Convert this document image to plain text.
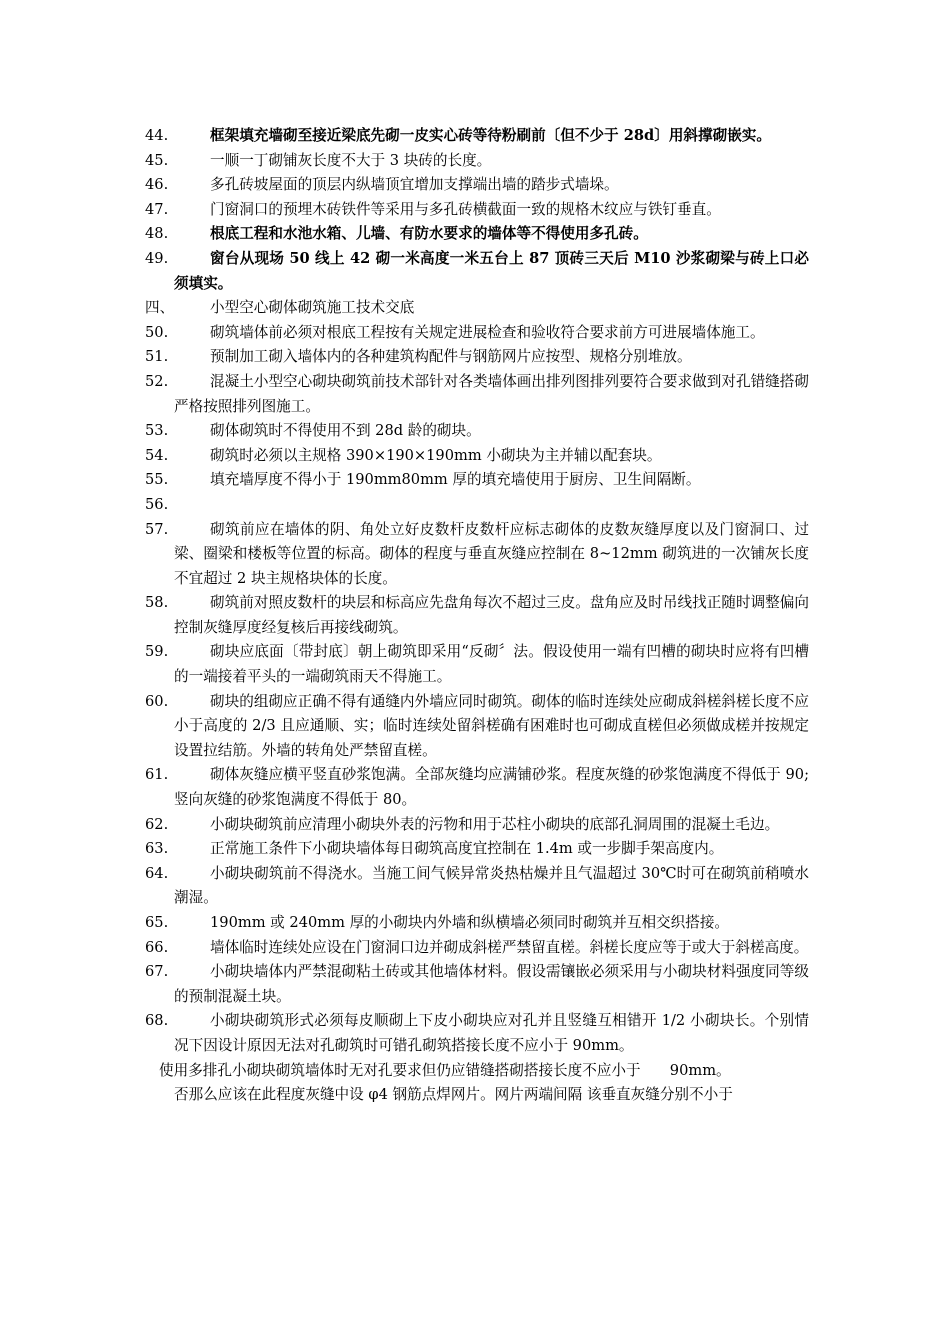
44.	框架填充墙砌至接近梁底先砌一皮实心砖等待粉刷前〔但不少于 28d〕用斜撑砌嵌实。
45.	一顺一丁砌铺灰长度不大于 3 块砖的长度。
46.	多孔砖坡屋面的顶层内纵墙顶宜增加支撑端出墙的踏步式墙垛。
47.	门窗洞口的预埋木砖铁件等采用与多孔砖横截面一致的规格木纹应与铁钉垂直。
48.	根底工程和水池水箱、儿墙、有防水要求的墙体等不得使用多孔砖。
49.	窗台从现场 50 线上 42 砌一米高度一米五台上 87 顶砖三天后 M10 沙浆砌梁与砖上口必须填实。
四、	小型空心砌体砌筑施工技术交底
50.	砌筑墙体前必须对根底工程按有关规定进展检查和验收符合要求前方可进展墙体施工。
51.	预制加工砌入墙体内的各种建筑构配件与钢筋网片应按型、规格分别堆放。
52.	混凝土小型空心砌块砌筑前技术部针对各类墙体画出排列图排列要符合要求做到对孔错缝搭砌严格按照排列图施工。
53.	砌体砌筑时不得使用不到 28d 龄的砌块。
54.	砌筑时必须以主规格 390×190×190mm 小砌块为主并辅以配套块。
55.	填充墙厚度不得小于 190mm80mm 厚的填充墙使用于厨房、卫生间隔断。
56.

57.	砌筑前应在墙体的阴、角处立好皮数杆皮数杆应标志砌体的皮数灰缝厚度以及门窗洞口、过梁、圈梁和楼板等位置的标高。砌体的程度与垂直灰缝应控制在 8~12mm 砌筑进的一次铺灰长度不宜超过 2 块主规格块体的长度。
58.	砌筑前对照皮数杆的块层和标高应先盘角每次不超过三皮。盘角应及时吊线找正随时调整偏向控制灰缝厚度经复核后再接线砌筑。
59.	砌块应底面〔带封底〕朝上砌筑即采用“反砌〞法。假设使用一端有凹槽的砌块时应将有凹槽的一端接着平头的一端砌筑雨天不得施工。
60.	砌块的组砌应正确不得有通缝内外墙应同时砌筑。砌体的临时连续处应砌成斜槎斜槎长度不应小于高度的 2/3 且应通顺、实；临时连续处留斜槎确有困难时也可砌成直槎但必须做成槎并按规定设置拉结筋。外墙的转角处严禁留直槎。
61.	砌体灰缝应横平竖直砂浆饱满。全部灰缝均应满铺砂浆。程度灰缝的砂浆饱满度不得低于 90;竖向灰缝的砂浆饱满度不得低于 80。
62.	小砌块砌筑前应清理小砌块外表的污物和用于芯柱小砌块的底部孔洞周围的混凝土毛边。
63.	正常施工条件下小砌块墙体每日砌筑高度宜控制在 1.4m 或一步脚手架高度内。
64.	小砌块砌筑前不得浇水。当施工间气候异常炎热枯燥并且气温超过 30℃时可在砌筑前稍喷水潮湿。
65.	190mm 或 240mm 厚的小砌块内外墙和纵横墙必须同时砌筑并互相交织搭接。
66.	墙体临时连续处应设在门窗洞口边并砌成斜槎严禁留直槎。斜槎长度应等于或大于斜槎高度。
67.	小砌块墙体内严禁混砌粘土砖或其他墙体材料。假设需镶嵌必须采用与小砌块材料强度同等级的预制混凝土块。
68.	小砌块砌筑形式必须每皮顺砌上下皮小砌块应对孔并且竖缝互相错开 1/2 小砌块长。个别情况下因设计原因无法对孔砌筑时可错孔砌筑搭接长度不应小于 90mm。
使用多排孔小砌块砌筑墙体时无对孔要求但仍应错缝搭砌搭接长度不应小于　　90mm。
否那么应该在此程度灰缝中设 φ4 钢筋点焊网片。网片两端间隔 该垂直灰缝分别不小于
